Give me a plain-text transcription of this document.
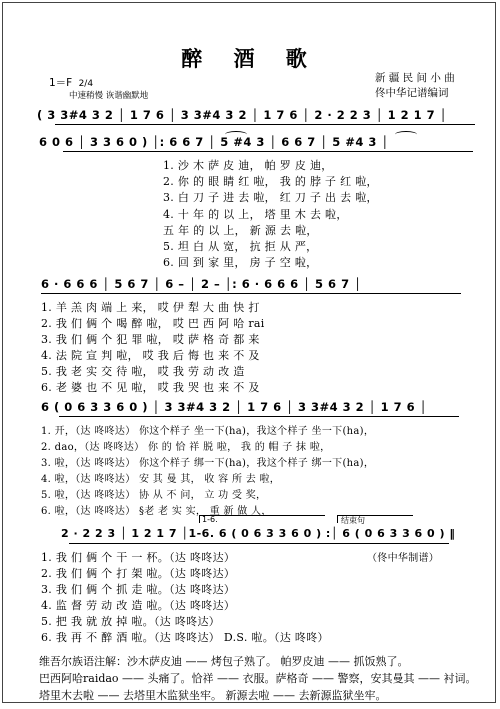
醉 酒 歌
1＝F 2/4
中速稍慢 诙谐幽默地
新 疆 民 间 小 曲
佟中华记谱编词
( 3 3#4 3 2 │ 1 7 6 │ 3 3#4 3 2 │ 1 7 6 │ 2 · 2 2 3 │ 1 2 1 7 │
6 0 6 │ 3 3 6 0 ) │: 6 6 7 │ 5 #4 3 │ 6 6 7 │ 5 #4 3 │
1. 沙 木 萨 皮 迪， 帕 罗 皮 迪，
2. 你 的 眼 睛 红 啦， 我 的 脖 子 红 啦，
3. 白 刀 子 进 去 啦， 红 刀 子 出 去 啦，
4. 十 年 的 以 上， 塔 里 木 去 啦，
五 年 的 以 上， 新 源 去 啦，
5. 坦 白 从 宽， 抗 拒 从 严，
6. 回 到 家 里， 房 子 空 啦，
6 · 6 6 6 │ 5 6 7 │ 6 – │ 2 – │: 6 · 6 6 6 │ 5 6 7 │
1. 羊 羔 肉 端 上 来， 哎 伊 犁 大 曲 快 打
2. 我 们 俩 个 喝 醉 啦， 哎 巴 西 阿 哈 rai
3. 我 们 俩 个 犯 罪 啦， 哎 萨 格 奇 都 来
4. 法 院 宣 判 啦， 哎 我 后 悔 也 来 不 及
5. 我 老 实 交 待 啦， 哎 我 劳 动 改 造
6. 老 婆 也 不 见 啦， 哎 我 哭 也 来 不 及
6 ( 0 6 3 3 6 0 ) │ 3 3#4 3 2 │ 1 7 6 │ 3 3#4 3 2 │ 1 7 6 │
1. 开，（达 咚咚达） 你这个样子 坐一下(ha)，我这个样子 坐一下(ha)，
2. dao，（达 咚咚达） 你 的 恰 祥 脱 啦， 我 的 帽 子 抹 啦，
3. 啦，（达 咚咚达） 你这个样子 绑一下(ha)，我这个样子 绑一下(ha)，
4. 啦，（达 咚咚达） 安 其 曼 其， 收 容 所 去 啦，
5. 啦，（达 咚咚达） 协 从 不 问， 立 功 受 奖，
6. 啦，（达 咚咚达） §老 老 实 实， 重 新 做 人，
1-6.	结束句
2 · 2 2 3 │ 1 2 1 7 │1-6. 6 ( 0 6 3 3 6 0 ) :│ 6 ( 0 6 3 3 6 0 ) ‖
（佟中华制谱）
1. 我 们 俩 个 干 一 杯。（达 咚咚达）
2. 我 们 俩 个 打 架 啦。（达 咚咚达）
3. 我 们 俩 个 抓 走 啦。（达 咚咚达）
4. 监 督 劳 动 改 造 啦。（达 咚咚达）
5. 把 我 就 放 掉 啦。（达 咚咚达）
6. 我 再 不 醉 酒 啦。（达 咚咚达） D.S. 啦。（达 咚咚）
维吾尔族语注解：沙木萨皮迪 —— 烤包子熟了。 帕罗皮迪 —— 抓饭熟了。
巴西阿哈raidao —— 头痛了。恰祥 —— 衣服。萨格奇 —— 警察，安其曼其 —— 衬词。
塔里木去啦 —— 去塔里木监狱坐牢。 新源去啦 —— 去新源监狱坐牢。
